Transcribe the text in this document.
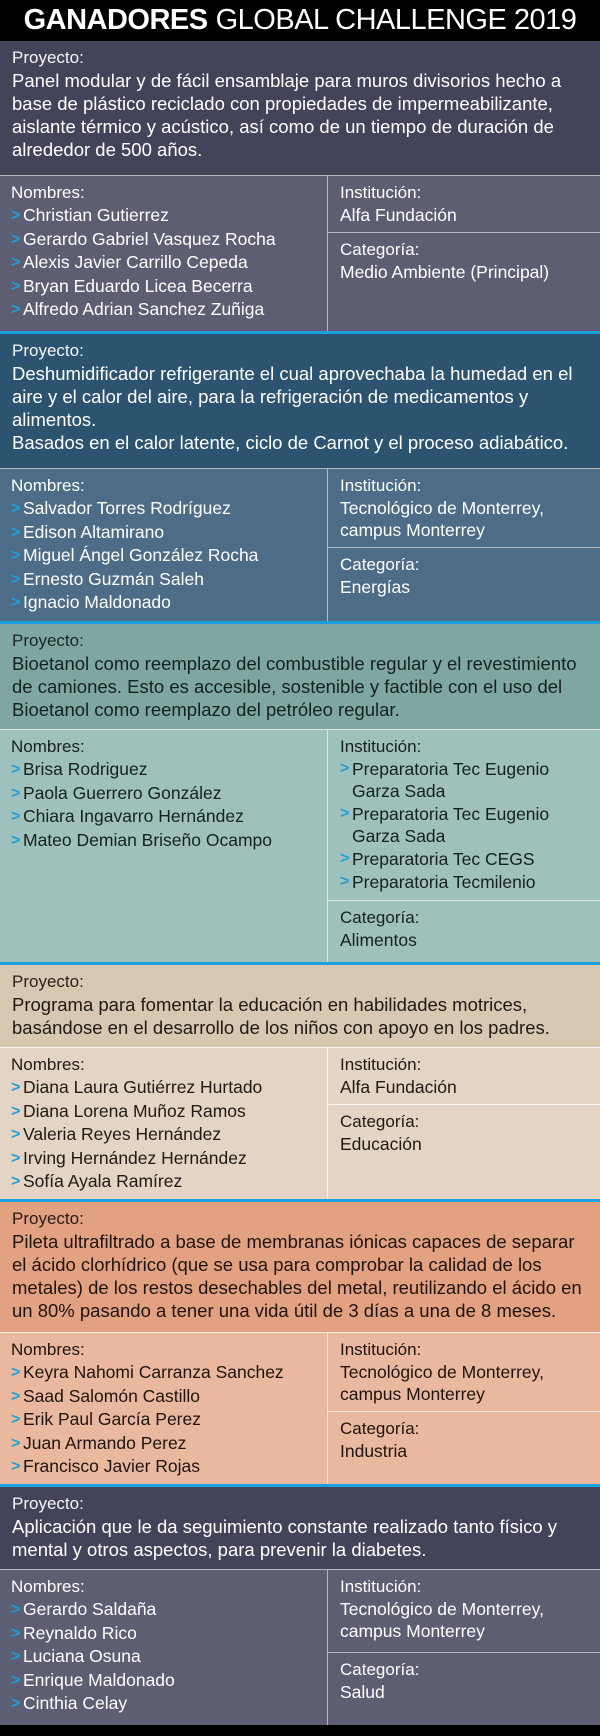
GANADORES GLOBAL CHALLENGE 2019
Proyecto:
Panel modular y de fácil ensamblaje para muros divisorios hecho a base de plástico reciclado con propiedades de impermeabilizante, aislante térmico y acústico, así como de un tiempo de duración de alrededor de 500 años.
Nombres:
> Christian Gutierrez
> Gerardo Gabriel Vasquez Rocha
> Alexis Javier Carrillo Cepeda
> Bryan Eduardo Licea Becerra
> Alfredo Adrian Sanchez Zuñiga
Institución:
Alfa Fundación
Categoría:
Medio Ambiente (Principal)
Proyecto:
Deshumidificador refrigerante el cual aprovechaba la humedad en el aire y el calor del aire, para la refrigeración de medicamentos y alimentos.
Basados en el calor latente, ciclo de Carnot y el proceso adiabático.
Nombres:
> Salvador Torres Rodríguez
> Edison Altamirano
> Miguel Ángel González Rocha
> Ernesto Guzmán Saleh
> Ignacio Maldonado
Institución:
Tecnológico de Monterrey, campus Monterrey
Categoría:
Energías
Proyecto:
Bioetanol como reemplazo del combustible regular y el revestimiento de camiones. Esto es accesible, sostenible y factible con el uso del Bioetanol como reemplazo del petróleo regular.
Nombres:
> Brisa Rodriguez
> Paola Guerrero González
> Chiara Ingavarro Hernández
> Mateo Demian Briseño Ocampo
Institución:
> Preparatoria Tec Eugenio Garza Sada
> Preparatoria Tec Eugenio Garza Sada
> Preparatoria Tec CEGS
> Preparatoria Tecmilenio
Categoría:
Alimentos
Proyecto:
Programa para fomentar la educación en habilidades motrices, basándose en el desarrollo de los niños con apoyo en los padres.
Nombres:
> Diana Laura Gutiérrez Hurtado
> Diana Lorena Muñoz Ramos
> Valeria Reyes Hernández
> Irving Hernández Hernández
> Sofía Ayala Ramírez
Institución:
Alfa Fundación
Categoría:
Educación
Proyecto:
Pileta ultrafiltrado a base de membranas iónicas capaces de separar el ácido clorhídrico (que se usa para comprobar la calidad de los metales) de los restos desechables del metal, reutilizando el ácido en un 80% pasando a tener una vida útil de 3 días a una de 8 meses.
Nombres:
> Keyra Nahomi Carranza Sanchez
> Saad Salomón Castillo
> Erik Paul García Perez
> Juan Armando Perez
> Francisco Javier Rojas
Institución:
Tecnológico de Monterrey, campus Monterrey
Categoría:
Industria
Proyecto:
Aplicación que le da seguimiento constante realizado tanto físico y mental y otros aspectos, para prevenir la diabetes.
Nombres:
> Gerardo Saldaña
> Reynaldo Rico
> Luciana Osuna
> Enrique Maldonado
> Cinthia Celay
Institución:
Tecnológico de Monterrey, campus Monterrey
Categoría:
Salud
